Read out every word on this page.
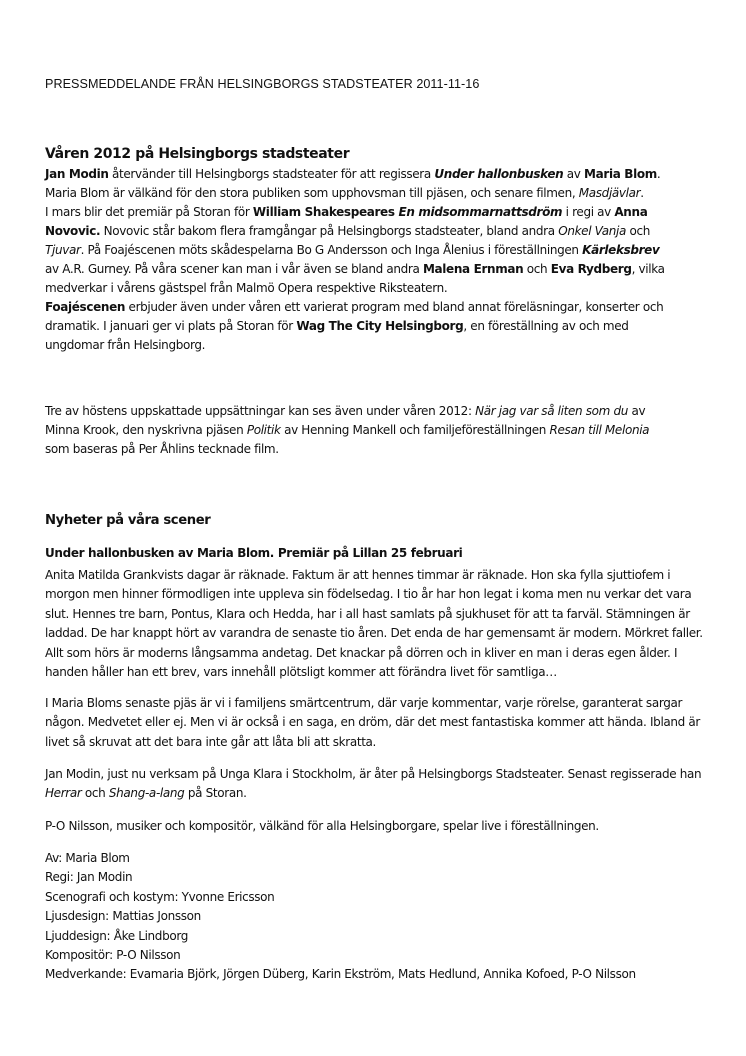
PRESSMEDDELANDE FRÅN HELSINGBORGS STADSTEATER 2011-11-16
Våren 2012 på Helsingborgs stadsteater
Jan Modin återvänder till Helsingborgs stadsteater för att regissera Under hallonbusken av Maria Blom.
Maria Blom är välkänd för den stora publiken som upphovsman till pjäsen, och senare filmen, Masdjävlar.
I mars blir det premiär på Storan för William Shakespeares En midsommarnattsdröm i regi av Anna
Novovic. Novovic står bakom flera framgångar på Helsingborgs stadsteater, bland andra Onkel Vanja och
Tjuvar. På Foajéscenen möts skådespelarna Bo G Andersson och Inga Ålenius i föreställningen Kärleksbrev
av A.R. Gurney. På våra scener kan man i vår även se bland andra Malena Ernman och Eva Rydberg, vilka
medverkar i vårens gästspel från Malmö Opera respektive Riksteatern.
Foajéscenen erbjuder även under våren ett varierat program med bland annat föreläsningar, konserter och
dramatik. I januari ger vi plats på Storan för Wag The City Helsingborg, en föreställning av och med
ungdomar från Helsingborg.
Tre av höstens uppskattade uppsättningar kan ses även under våren 2012: När jag var så liten som du av
Minna Krook, den nyskrivna pjäsen Politik av Henning Mankell och familjeföreställningen Resan till Melonia
som baseras på Per Åhlins tecknade film.
Nyheter på våra scener
Under hallonbusken av Maria Blom. Premiär på Lillan 25 februari
Anita Matilda Grankvists dagar är räknade. Faktum är att hennes timmar är räknade. Hon ska fylla sjuttiofem i
morgon men hinner förmodligen inte uppleva sin födelsedag. I tio år har hon legat i koma men nu verkar det vara
slut. Hennes tre barn, Pontus, Klara och Hedda, har i all hast samlats på sjukhuset för att ta farväl. Stämningen är
laddad. De har knappt hört av varandra de senaste tio åren. Det enda de har gemensamt är modern. Mörkret faller.
Allt som hörs är moderns långsamma andetag. Det knackar på dörren och in kliver en man i deras egen ålder. I
handen håller han ett brev, vars innehåll plötsligt kommer att förändra livet för samtliga…
I Maria Bloms senaste pjäs är vi i familjens smärtcentrum, där varje kommentar, varje rörelse, garanterat sargar
någon. Medvetet eller ej. Men vi är också i en saga, en dröm, där det mest fantastiska kommer att hända. Ibland är
livet så skruvat att det bara inte går att låta bli att skratta.
Jan Modin, just nu verksam på Unga Klara i Stockholm, är åter på Helsingborgs Stadsteater. Senast regisserade han
Herrar och Shang-a-lang på Storan.
P-O Nilsson, musiker och kompositör, välkänd för alla Helsingborgare, spelar live i föreställningen.
Av: Maria Blom
Regi: Jan Modin
Scenografi och kostym: Yvonne Ericsson
Ljusdesign: Mattias Jonsson
Ljuddesign: Åke Lindborg
Kompositör: P-O Nilsson
Medverkande: Evamaria Björk, Jörgen Düberg, Karin Ekström, Mats Hedlund, Annika Kofoed, P-O Nilsson
